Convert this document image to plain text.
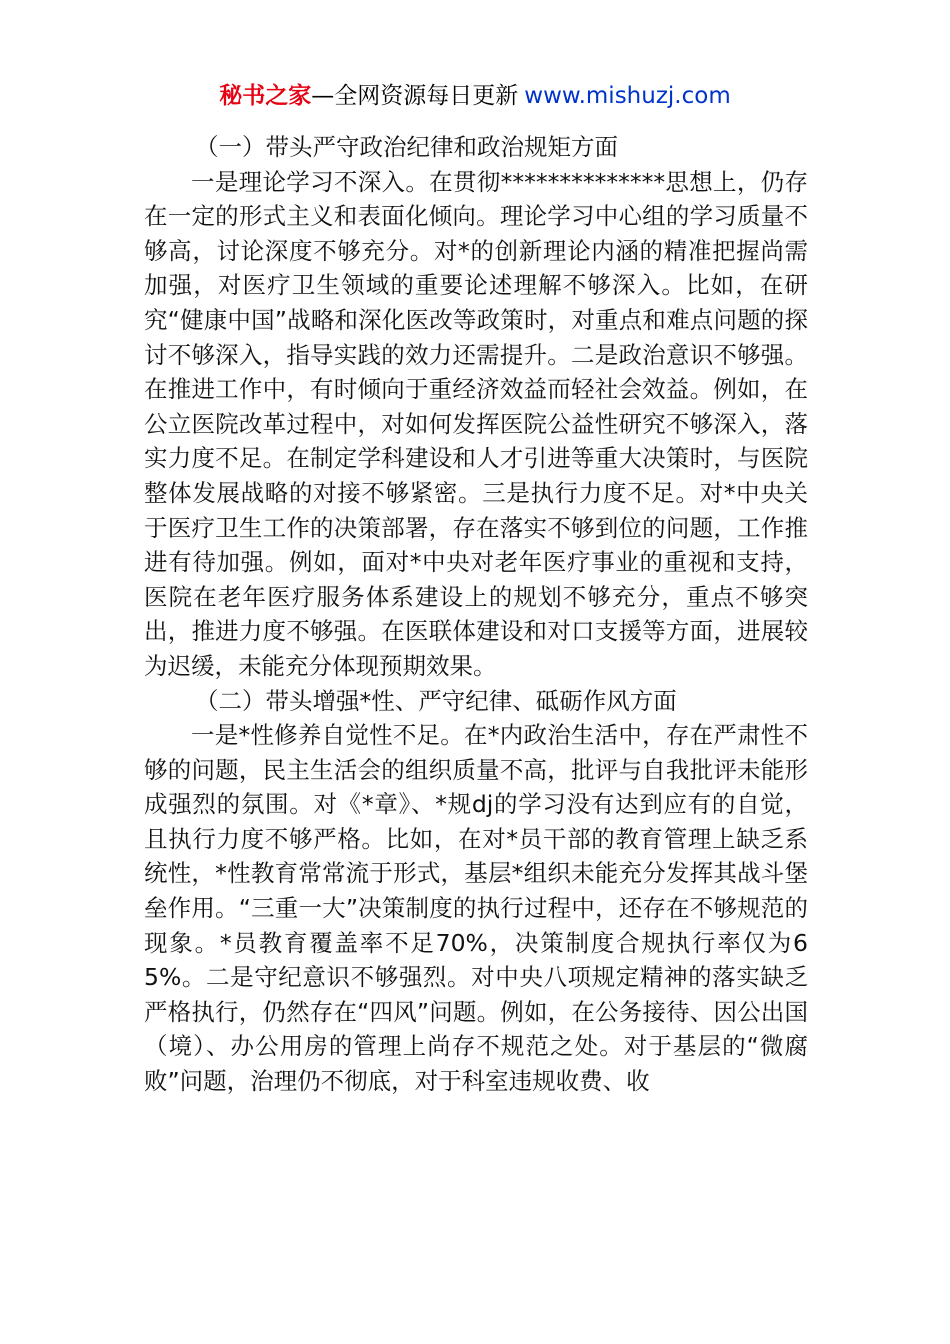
秘书之家—全网资源每日更新 www.mishuzj.com

（一）带头严守政治纪律和政治规矩方面

一是理论学习不深入。在贯彻**************思想上，仍存在一定的形式主义和表面化倾向。理论学习中心组的学习质量不够高，讨论深度不够充分。对*的创新理论内涵的精准把握尚需加强，对医疗卫生领域的重要论述理解不够深入。比如，在研究“健康中国”战略和深化医改等政策时，对重点和难点问题的探讨不够深入，指导实践的效力还需提升。二是政治意识不够强。在推进工作中，有时倾向于重经济效益而轻社会效益。例如，在公立医院改革过程中，对如何发挥医院公益性研究不够深入，落实力度不足。在制定学科建设和人才引进等重大决策时，与医院整体发展战略的对接不够紧密。三是执行力度不足。对*中央关于医疗卫生工作的决策部署，存在落实不够到位的问题，工作推进有待加强。例如，面对*中央对老年医疗事业的重视和支持，医院在老年医疗服务体系建设上的规划不够充分，重点不够突出，推进力度不够强。在医联体建设和对口支援等方面，进展较为迟缓，未能充分体现预期效果。

（二）带头增强*性、严守纪律、砥砺作风方面

一是*性修养自觉性不足。在*内政治生活中，存在严肃性不够的问题，民主生活会的组织质量不高，批评与自我批评未能形成强烈的氛围。对《*章》、*规dj的学习没有达到应有的自觉，且执行力度不够严格。比如，在对*员干部的教育管理上缺乏系统性，*性教育常常流于形式，基层*组织未能充分发挥其战斗堡垒作用。“三重一大”决策制度的执行过程中，还存在不够规范的现象。*员教育覆盖率不足70%，决策制度合规执行率仅为65%。二是守纪意识不够强烈。对中央八项规定精神的落实缺乏严格执行，仍然存在“四风”问题。例如，在公务接待、因公出国（境）、办公用房的管理上尚存不规范之处。对于基层的“微腐败”问题，治理仍不彻底，对于科室违规收费、收
